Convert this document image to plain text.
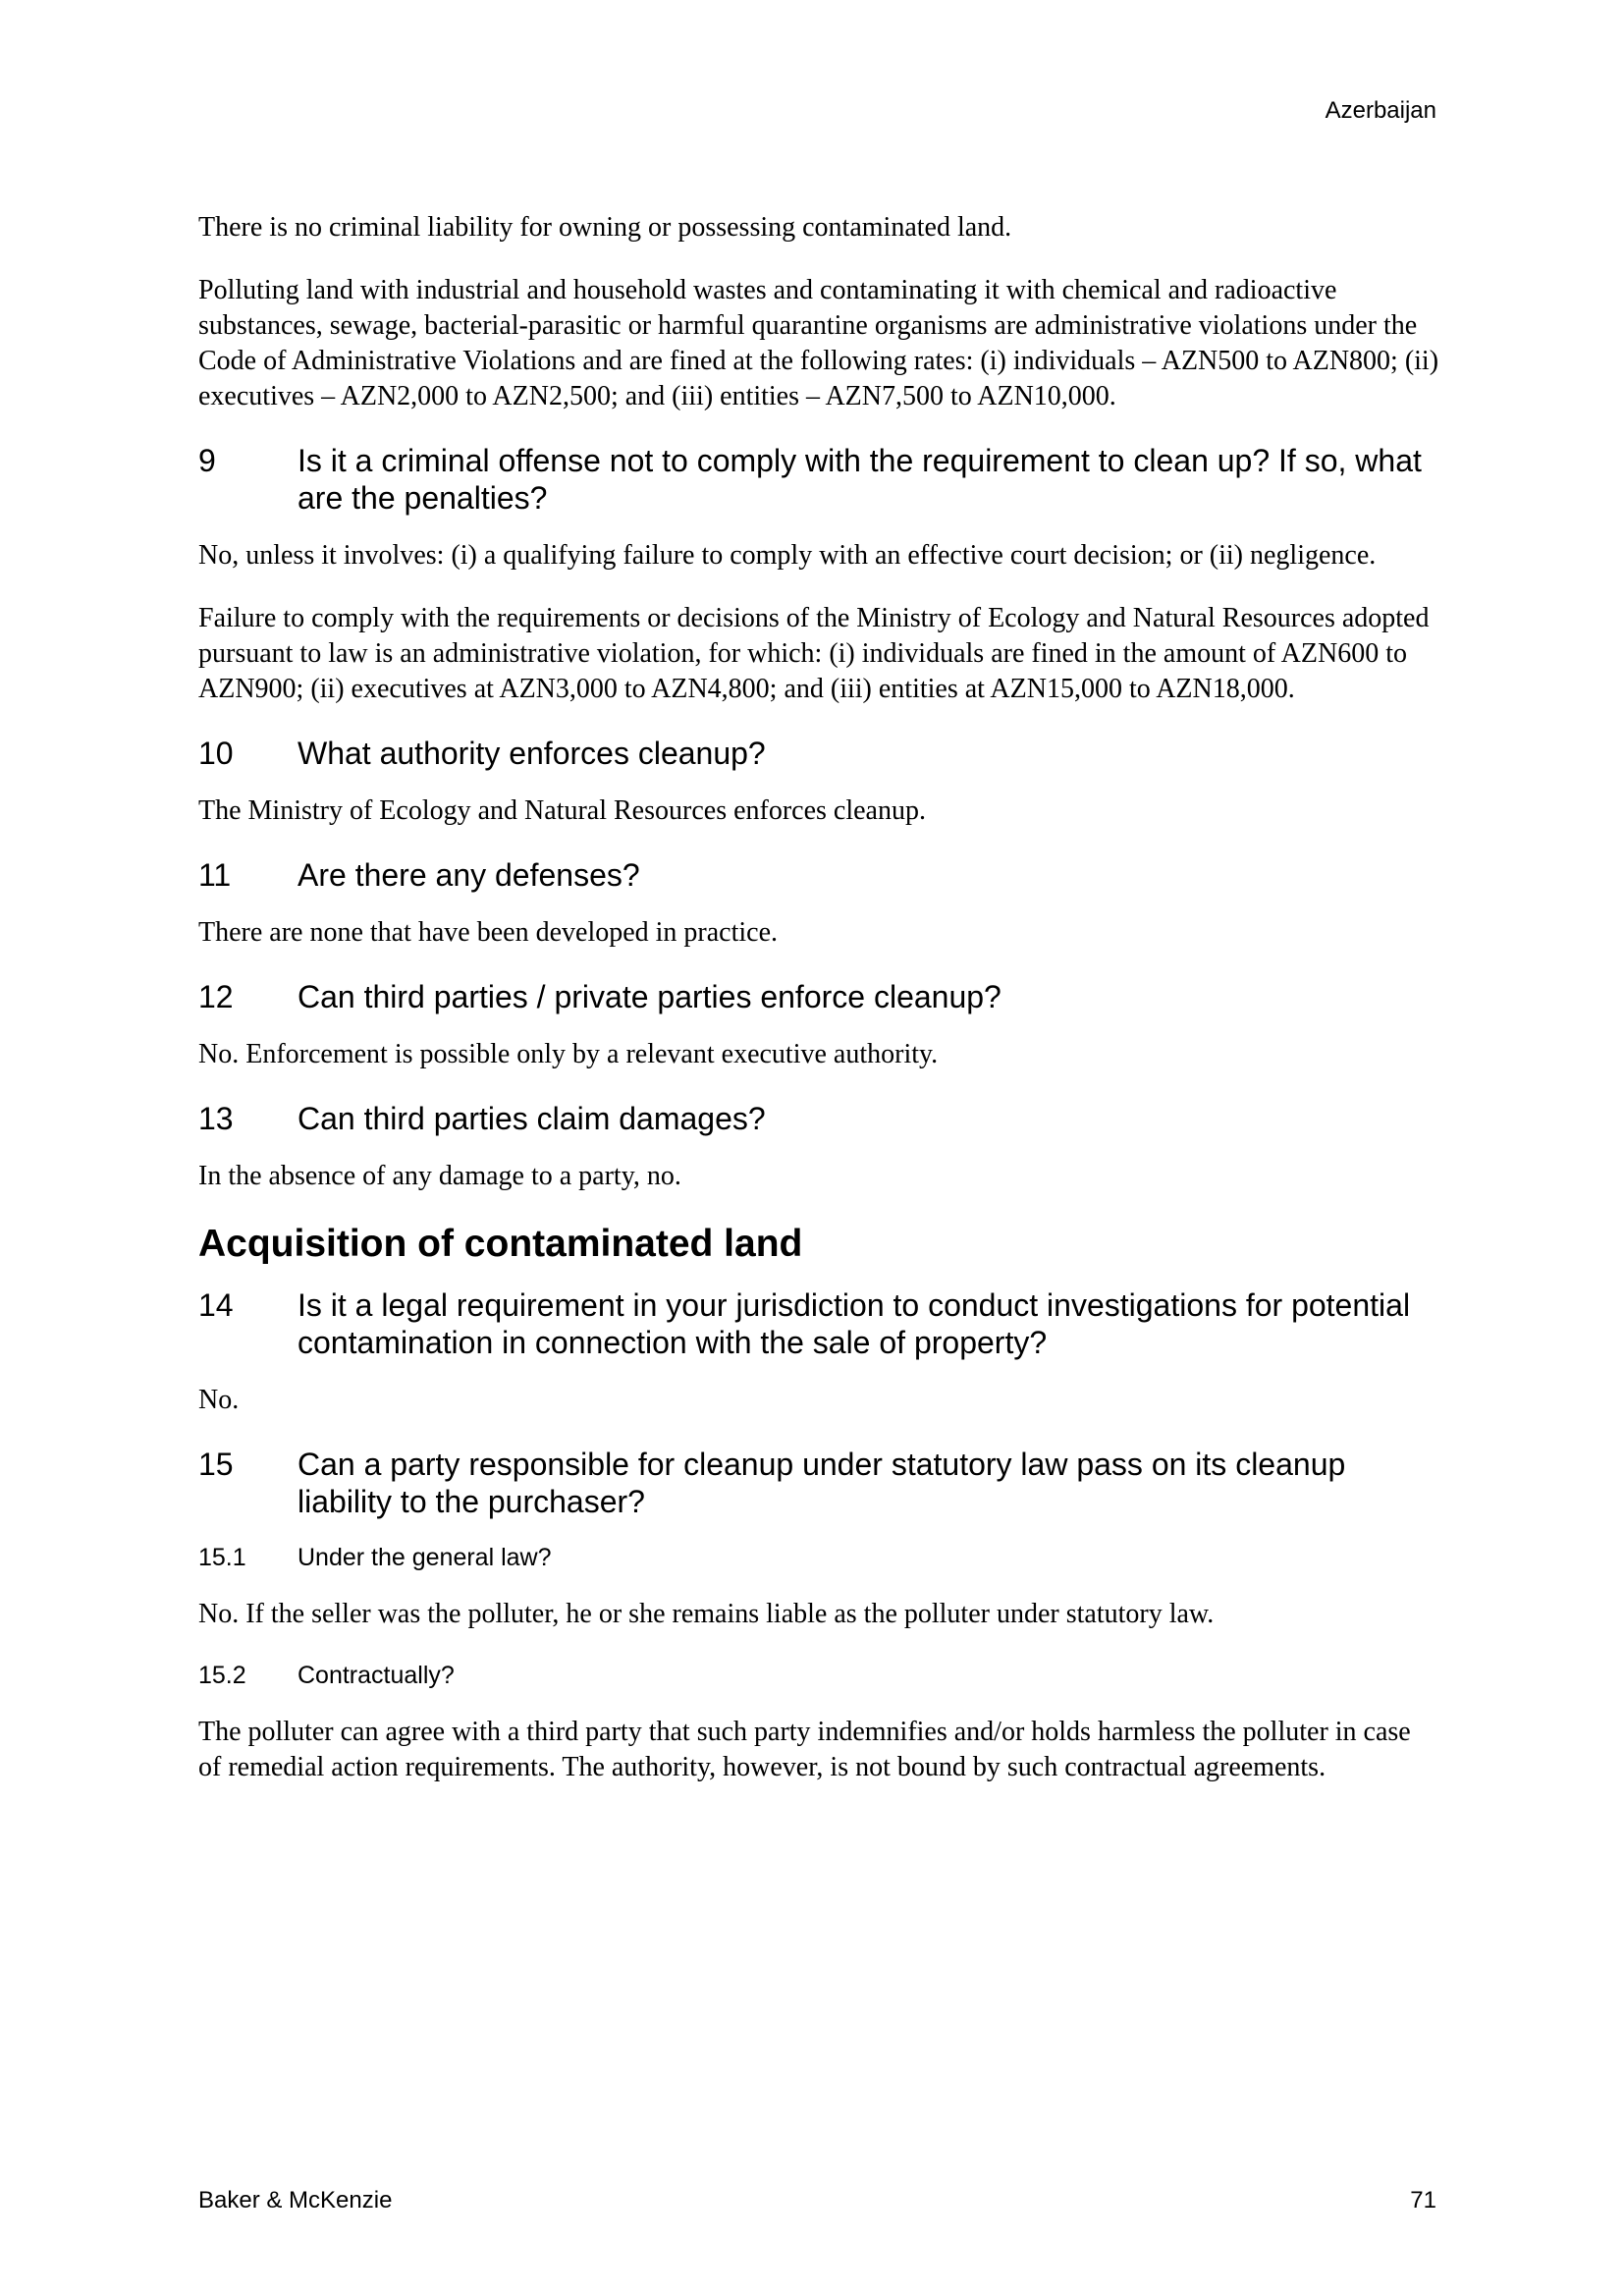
Azerbaijan

There is no criminal liability for owning or possessing contaminated land.

Polluting land with industrial and household wastes and contaminating it with chemical and radioactive substances, sewage, bacterial-parasitic or harmful quarantine organisms are administrative violations under the Code of Administrative Violations and are fined at the following rates: (i) individuals – AZN500 to AZN800; (ii) executives – AZN2,000 to AZN2,500; and (iii) entities – AZN7,500 to AZN10,000.

9	Is it a criminal offense not to comply with the requirement to clean up? If so, what are the penalties?

No, unless it involves: (i) a qualifying failure to comply with an effective court decision; or (ii) negligence.

Failure to comply with the requirements or decisions of the Ministry of Ecology and Natural Resources adopted pursuant to law is an administrative violation, for which: (i) individuals are fined in the amount of AZN600 to AZN900; (ii) executives at AZN3,000 to AZN4,800; and (iii) entities at AZN15,000 to AZN18,000.

10	What authority enforces cleanup?

The Ministry of Ecology and Natural Resources enforces cleanup.

11	Are there any defenses?

There are none that have been developed in practice.

12	Can third parties / private parties enforce cleanup?

No. Enforcement is possible only by a relevant executive authority.

13	Can third parties claim damages?

In the absence of any damage to a party, no.

Acquisition of contaminated land
14	Is it a legal requirement in your jurisdiction to conduct investigations for potential contamination in connection with the sale of property?

No.

15	Can a party responsible for cleanup under statutory law pass on its cleanup liability to the purchaser?
15.1	Under the general law?

No. If the seller was the polluter, he or she remains liable as the polluter under statutory law.

15.2	Contractually?

The polluter can agree with a third party that such party indemnifies and/or holds harmless the polluter in case of remedial action requirements. The authority, however, is not bound by such contractual agreements.

Baker & McKenzie	71
